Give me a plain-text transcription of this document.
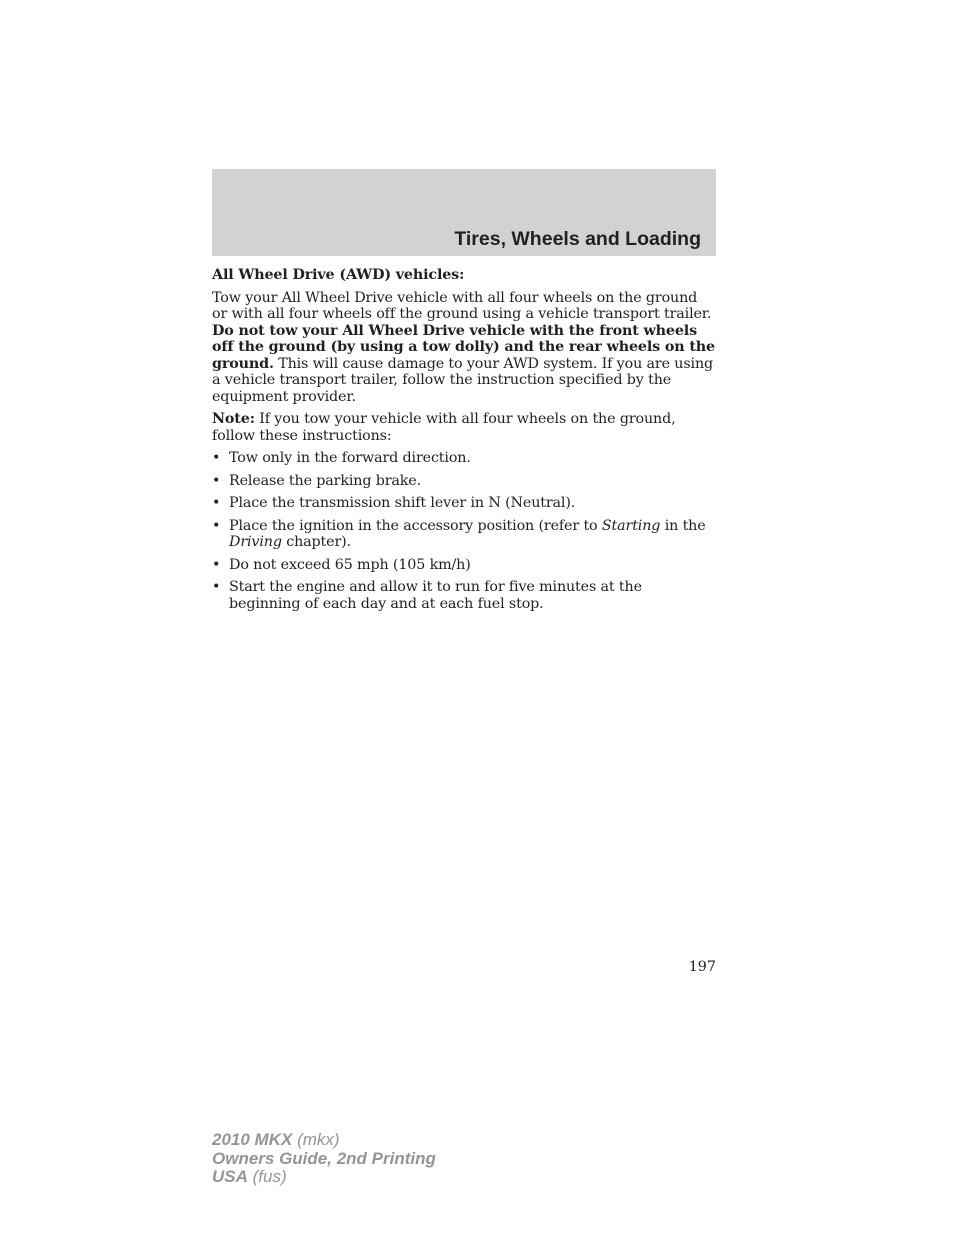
Tires, Wheels and Loading
All Wheel Drive (AWD) vehicles:

Tow your All Wheel Drive vehicle with all four wheels on the ground or with all four wheels off the ground using a vehicle transport trailer. Do not tow your All Wheel Drive vehicle with the front wheels off the ground (by using a tow dolly) and the rear wheels on the ground. This will cause damage to your AWD system. If you are using a vehicle transport trailer, follow the instruction specified by the equipment provider.

Note: If you tow your vehicle with all four wheels on the ground, follow these instructions:

• Tow only in the forward direction.
• Release the parking brake.
• Place the transmission shift lever in N (Neutral).
• Place the ignition in the accessory position (refer to Starting in the Driving chapter).
• Do not exceed 65 mph (105 km/h)
• Start the engine and allow it to run for five minutes at the beginning of each day and at each fuel stop.
197
2010 MKX (mkx)
Owners Guide, 2nd Printing
USA (fus)
